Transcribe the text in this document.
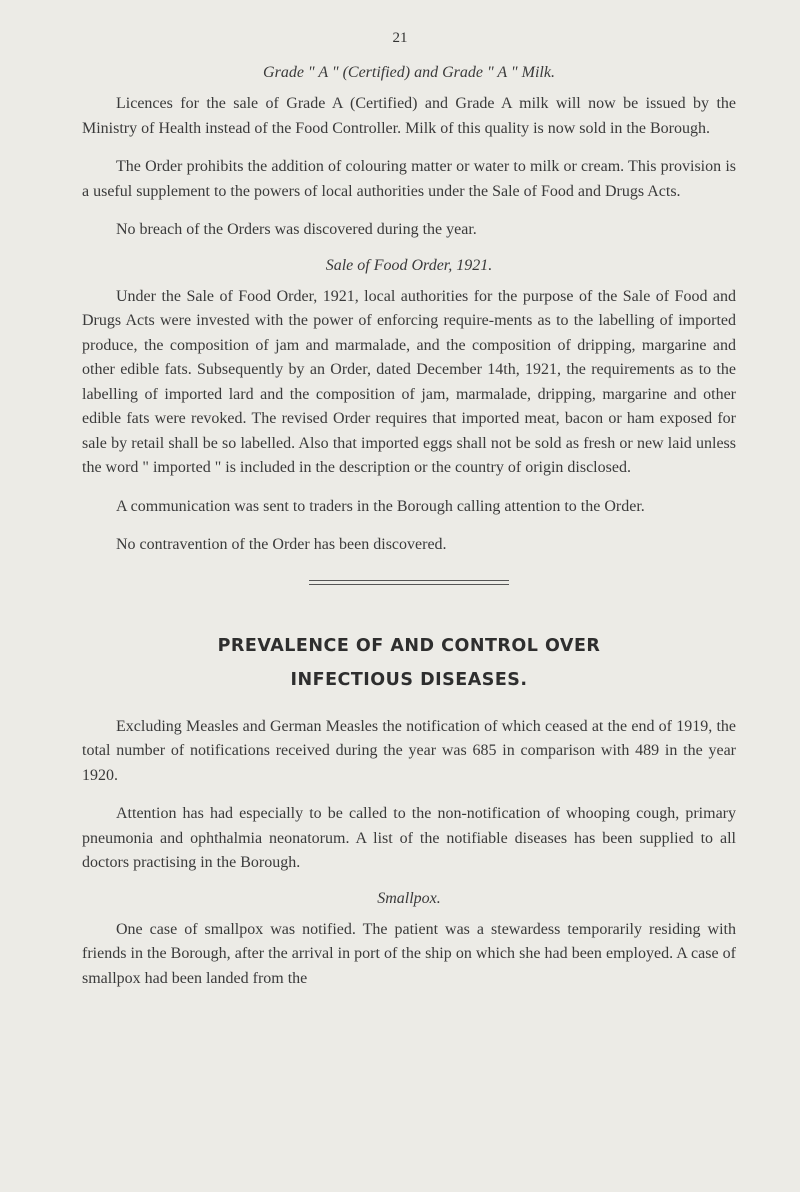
21
Grade " A " (Certified) and Grade " A " Milk.

Licences for the sale of Grade A (Certified) and Grade A milk will now be issued by the Ministry of Health instead of the Food Controller. Milk of this quality is now sold in the Borough.

The Order prohibits the addition of colouring matter or water to milk or cream. This provision is a useful supplement to the powers of local authorities under the Sale of Food and Drugs Acts.

No breach of the Orders was discovered during the year.

Sale of Food Order, 1921.

Under the Sale of Food Order, 1921, local authorities for the purpose of the Sale of Food and Drugs Acts were invested with the power of enforcing require-ments as to the labelling of imported produce, the composition of jam and marmalade, and the composition of dripping, margarine and other edible fats. Subsequently by an Order, dated December 14th, 1921, the requirements as to the labelling of imported lard and the composition of jam, marmalade, dripping, margarine and other edible fats were revoked. The revised Order requires that imported meat, bacon or ham exposed for sale by retail shall be so labelled. Also that imported eggs shall not be sold as fresh or new laid unless the word " imported " is included in the description or the country of origin disclosed.

A communication was sent to traders in the Borough calling attention to the Order.

No contravention of the Order has been discovered.

PREVALENCE OF AND CONTROL OVER
INFECTIOUS DISEASES.

Excluding Measles and German Measles the notification of which ceased at the end of 1919, the total number of notifications received during the year was 685 in comparison with 489 in the year 1920.

Attention has had especially to be called to the non-notification of whooping cough, primary pneumonia and ophthalmia neonatorum. A list of the notifiable diseases has been supplied to all doctors practising in the Borough.

Smallpox.

One case of smallpox was notified. The patient was a stewardess temporarily residing with friends in the Borough, after the arrival in port of the ship on which she had been employed. A case of smallpox had been landed from the
